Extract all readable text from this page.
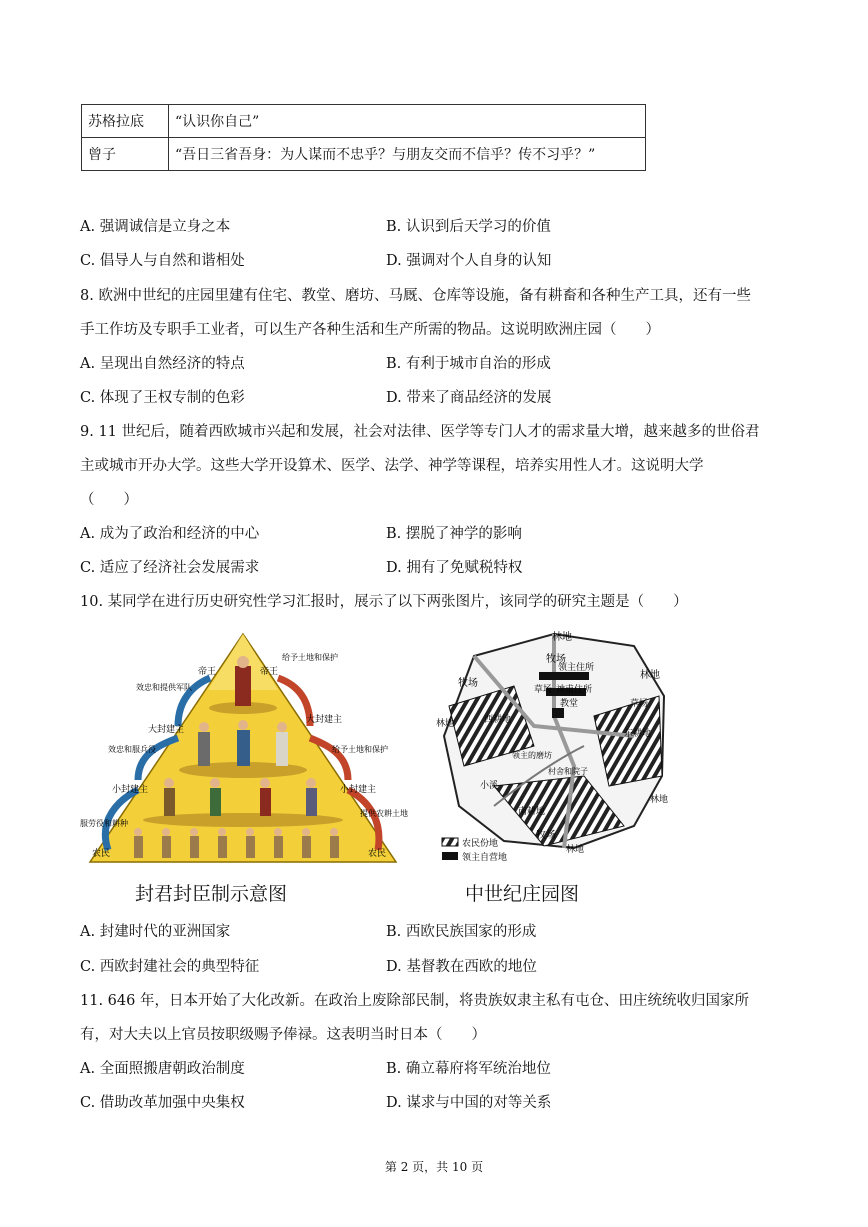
苏格拉底	“认识你自己”
曾子	“吾日三省吾身：为人谋而不忠乎？与朋友交而不信乎？传不习乎？”
A. 强调诚信是立身之本	B. 认识到后天学习的价值
C. 倡导人与自然和谐相处	D. 强调对个人自身的认知
8. 欧洲中世纪的庄园里建有住宅、教堂、磨坊、马厩、仓库等设施，备有耕畜和各种生产工具，还有一些
手工作坊及专职手工业者，可以生产各种生活和生产所需的物品。这说明欧洲庄园（　　）
A. 呈现出自然经济的特点	B. 有利于城市自治的形成
C. 体现了王权专制的色彩	D. 带来了商品经济的发展
9. 11 世纪后，随着西欧城市兴起和发展，社会对法律、医学等专门人才的需求量大增，越来越多的世俗君
主或城市开办大学。这些大学开设算术、医学、法学、神学等课程，培养实用性人才。这说明大学
（　　）
A. 成为了政治和经济的中心	B. 摆脱了神学的影响
C. 适应了经济社会发展需求	D. 拥有了免赋税特权
10. 某同学在进行历史研究性学习汇报时，展示了以下两张图片，该同学的研究主题是（　　）
帝王	帝王
大封建主
大封建主
小封建主	小封建主
农民	农民
效忠和提供军队
效忠和服兵役
服劳役和耕种
给予土地和保护
给予土地和保护
提供农耕土地
林地
牧场
林地
牧场
草场
领主住所
神甫住所
教堂
西耕地
东耕地
林地
领主的磨坊
村舍和院子
小溪
南耕地
林地
牧场
林地
草场
农民份地
领主自营地
封君封臣制示意图	中世纪庄园图
A. 封建时代的亚洲国家	B. 西欧民族国家的形成
C. 西欧封建社会的典型特征	D. 基督教在西欧的地位
11. 646 年，日本开始了大化改新。在政治上废除部民制，将贵族奴隶主私有屯仓、田庄统统收归国家所
有，对大夫以上官员按职级赐予俸禄。这表明当时日本（　　）
A. 全面照搬唐朝政治制度	B. 确立幕府将军统治地位
C. 借助改革加强中央集权	D. 谋求与中国的对等关系
第 2 页，共 10 页
